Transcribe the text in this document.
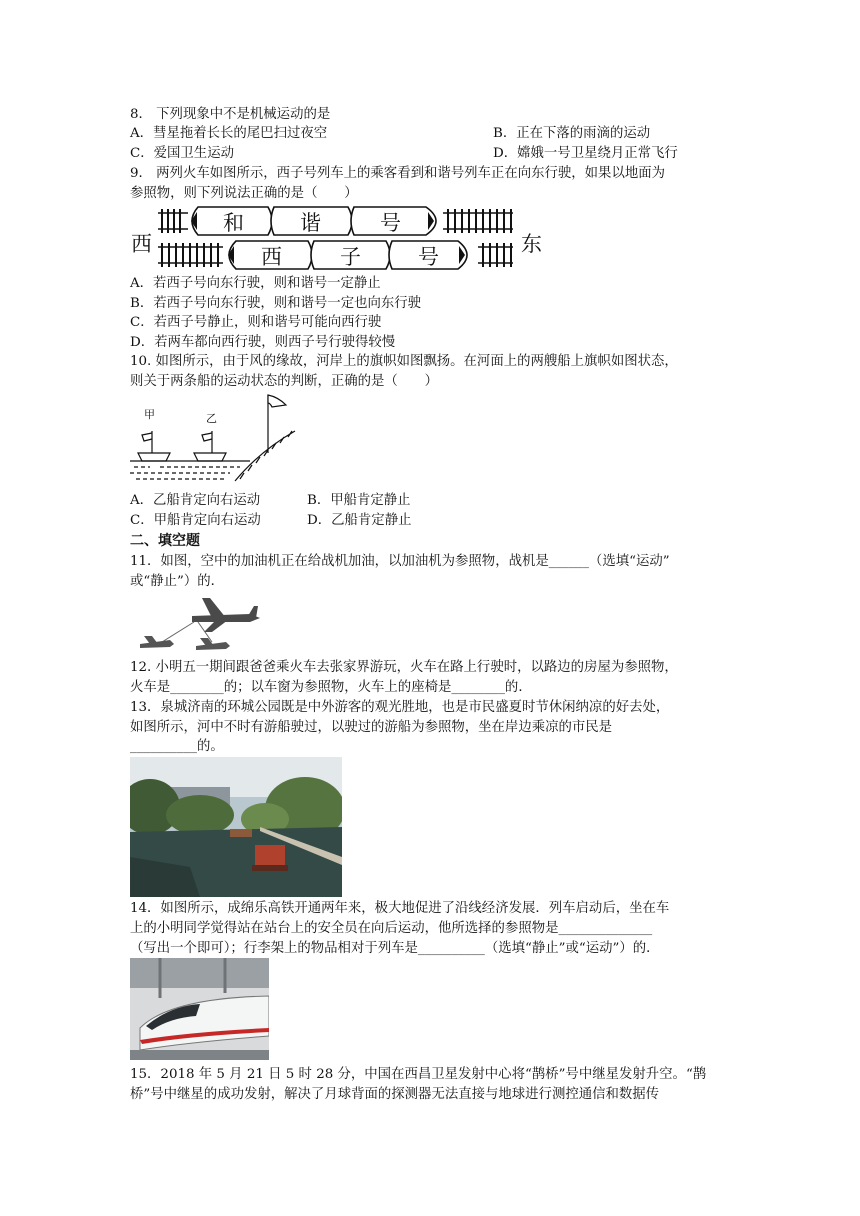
8． 下列现象中不是机械运动的是
A．彗星拖着长长的尾巴扫过夜空	B．正在下落的雨滴的运动
C．爱国卫生运动	D．嫦娥一号卫星绕月正常飞行
9． 两列火车如图所示，西子号列车上的乘客看到和谐号列车正在向东行驶，如果以地面为
参照物，则下列说法正确的是（　　）
西	东
和	谐	号
西	子	号
A．若西子号向东行驶，则和谐号一定静止
B．若西子号向东行驶，则和谐号一定也向东行驶
C．若西子号静止，则和谐号可能向西行驶
D．若两车都向西行驶，则西子号行驶得较慢
10. 如图所示，由于风的缘故，河岸上的旗帜如图飘扬。在河面上的两艘船上旗帜如图状态，
则关于两条船的运动状态的判断，正确的是（　　）
甲	乙
A．乙船肯定向右运动	B．甲船肯定静止
C．甲船肯定向右运动	D．乙船肯定静止
二、填空题
11．如图，空中的加油机正在给战机加油，以加油机为参照物，战机是______（选填“运动”
或“静止”）的．
12. 小明五一期间跟爸爸乘火车去张家界游玩，火车在路上行驶时，以路边的房屋为参照物，
火车是________的；以车窗为参照物，火车上的座椅是________的．
13．泉城济南的环城公园既是中外游客的观光胜地，也是市民盛夏时节休闲纳凉的好去处，
如图所示，河中不时有游船驶过，以驶过的游船为参照物，坐在岸边乘凉的市民是
__________的。
14．如图所示，成绵乐高铁开通两年来，极大地促进了沿线经济发展．列车启动后，坐在车
上的小明同学觉得站在站台上的安全员在向后运动，他所选择的参照物是______________
（写出一个即可）；行李架上的物品相对于列车是__________（选填“静止”或“运动”）的．
15．2018 年 5 月 21 日 5 时 28 分，中国在西昌卫星发射中心将“鹊桥”号中继星发射升空。“鹊
桥”号中继星的成功发射，解决了月球背面的探测器无法直接与地球进行测控通信和数据传
